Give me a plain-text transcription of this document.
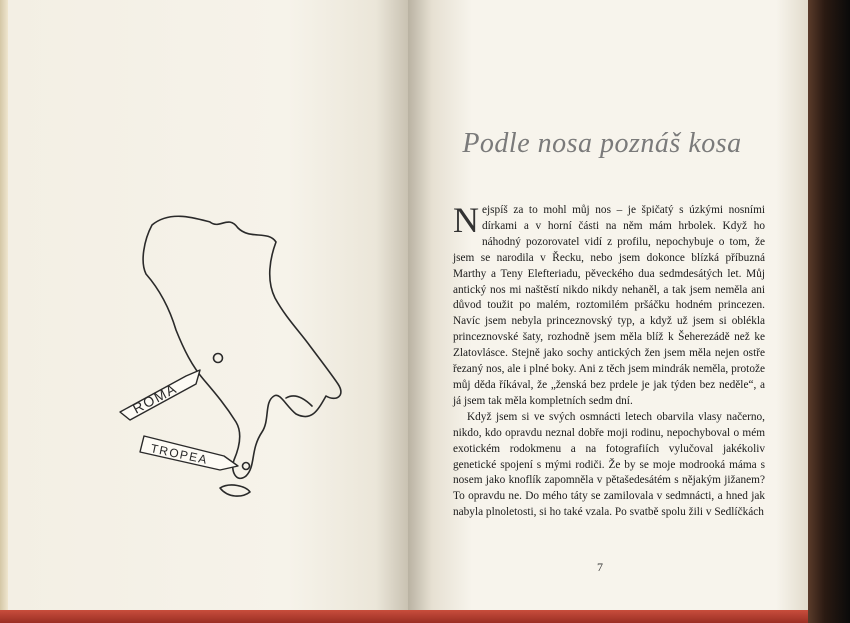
ROMA
TROPEA
Podle nosa poznáš kosa

Nejspíš za to mohl můj nos – je špičatý s úzkými nosními dírkami a v horní části na něm mám hrbolek. Když ho náhodný pozorovatel vidí z profilu, nepochybuje o tom, že jsem se narodila v Řecku, nebo jsem dokonce blízká příbuzná Marthy a Teny Elefteriadu, pěveckého dua sedmdesátých let. Můj antický nos mi naštěstí nikdo nikdy nehaněl, a tak jsem neměla ani důvod toužit po malém, roztomilém pršáčku hodném princezen. Navíc jsem nebyla princeznovský typ, a když už jsem si oblékla princeznovské šaty, rozhodně jsem měla blíž k Šeherezádě než ke Zlatovlásce. Stejně jako sochy antických žen jsem měla nejen ostře řezaný nos, ale i plné boky. Ani z těch jsem mindrák neměla, protože můj děda říkával, že „ženská bez prdele je jak týden bez neděle“, a já jsem tak měla kompletních sedm dní.

Když jsem si ve svých osmnácti letech obarvila vlasy načerno, nikdo, kdo opravdu neznal dobře moji rodinu, nepochyboval o mém exotickém rodokmenu a na fotografiích vylučoval jakékoliv genetické spojení s mými rodiči. Že by se moje modrooká máma s nosem jako knoflík zapomněla v pětašedesátém s nějakým jižanem? To opravdu ne. Do mého táty se zamilovala v sedmnácti, a hned jak nabyla plnoletosti, si ho také vzala. Po svatbě spolu žili v Sedlíčkách

7
